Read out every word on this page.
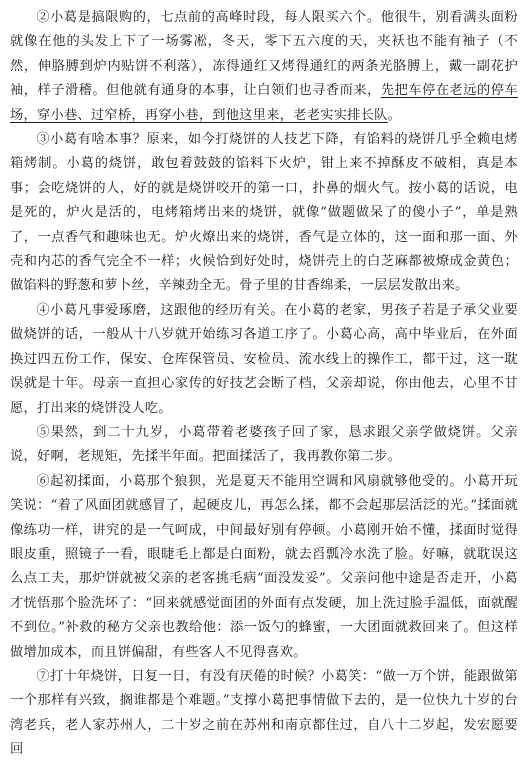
②小葛是搞限购的，七点前的高峰时段，每人限买六个。他很牛，别看满头面粉就像在他的头发上下了一场雾凇，冬天，零下五六度的天，夹袄也不能有袖子（不然，伸胳膊到炉内贴饼不利落），冻得通红又烤得通红的两条光胳膊上，戴一副花护袖，样子滑稽。但他就有通身的本事，让白领们也寻香而来，先把车停在老远的停车场，穿小巷、过窄桥，再穿小巷，到他这里来，老老实实排长队。

③小葛有啥本事？原来，如今打烧饼的人技艺下降，有馅料的烧饼几乎全赖电烤箱烤制。小葛的烧饼，敢包着鼓鼓的馅料下火炉，钳上来不掉酥皮不破相，真是本事；会吃烧饼的人，好的就是烧饼咬开的第一口，扑鼻的烟火气。按小葛的话说，电是死的，炉火是活的，电烤箱烤出来的烧饼，就像“做题做呆了的傻小子”，单是熟了，一点香气和趣味也无。炉火燎出来的烧饼，香气是立体的，这一面和那一面、外壳和内芯的香气完全不一样；火候恰到好处时，烧饼壳上的白芝麻都被燎成金黄色；做馅料的野葱和萝卜丝，辛辣劲全无。骨子里的甘香绵柔，一层层发散出来。

④小葛凡事爱琢磨，这跟他的经历有关。在小葛的老家，男孩子若是子承父业要做烧饼的话，一般从十八岁就开始练习各道工序了。小葛心高，高中毕业后，在外面换过四五份工作，保安、仓库保管员、安检员、流水线上的操作工，都干过，这一耽误就是十年。母亲一直担心家传的好技艺会断了档，父亲却说，你由他去，心里不甘愿，打出来的烧饼没人吃。

⑤果然，到二十九岁，小葛带着老婆孩子回了家，恳求跟父亲学做烧饼。父亲说，好啊，老规矩，先揉半年面。把面揉活了，我再教你第二步。

⑥起初揉面，小葛那个狼狈，光是夏天不能用空调和风扇就够他受的。小葛开玩笑说：“着了风面团就感冒了，起硬皮儿，再怎么揉，都不会起那层活泛的光。”揉面就像练功一样，讲究的是一气呵成，中间最好别有停顿。小葛刚开始不懂，揉面时觉得眼皮重，照镜子一看，眼睫毛上都是白面粉，就去舀瓢冷水洗了脸。好嘛，就耽误这么点工夫，那炉饼就被父亲的老客挑毛病“面没发妥”。父亲问他中途是否走开，小葛才恍悟那个脸洗坏了：“回来就感觉面团的外面有点发硬，加上洗过脸手温低，面就醒不到位。”补救的秘方父亲也教给他：添一饭勺的蜂蜜，一大团面就救回来了。但这样做增加成本，而且饼偏甜，有些客人不见得喜欢。

⑦打十年烧饼，日复一日，有没有厌倦的时候？小葛笑：“做一万个饼，能跟做第一个那样有兴致，搁谁都是个难题。”支撑小葛把事情做下去的，是一位快九十岁的台湾老兵，老人家苏州人，二十岁之前在苏州和南京都住过，自八十二岁起，发宏愿要回
